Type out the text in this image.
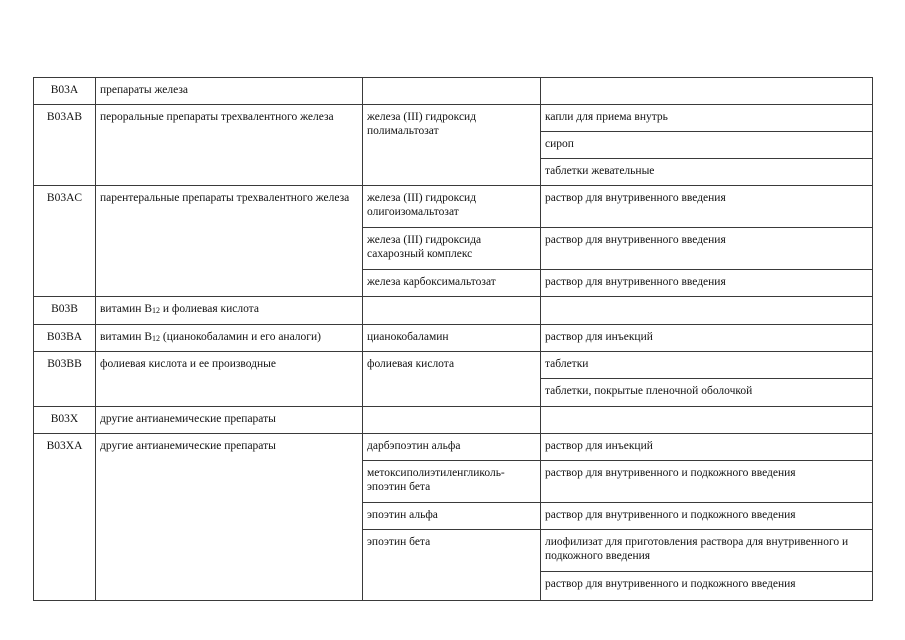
B03A	препараты железа		
B03AB	пероральные препараты трехвалентного железа	железа (III) гидроксид полимальтозат	капли для приема внутрь
			сироп
			таблетки жевательные
B03AC	парентеральные препараты трехвалентного железа	железа (III) гидроксид олигоизомальтозат	раствор для внутривенного введения
		железа (III) гидроксида сахарозный комплекс	раствор для внутривенного введения
		железа карбоксимальтозат	раствор для внутривенного введения
B03B	витамин $B_{12}$ и фолиевая кислота		
B03BA	витамин $B_{12}$ (цианокобаламин и его аналоги)	цианокобаламин	раствор для инъекций
B03BB	фолиевая кислота и ее производные	фолиевая кислота	таблетки
			таблетки, покрытые пленочной оболочкой
B03X	другие антианемические препараты		
B03XA	другие антианемические препараты	дарбэпоэтин альфа	раствор для инъекций
		метоксиполиэтиленгликоль-эпоэтин бета	раствор для внутривенного и подкожного введения
		эпоэтин альфа	раствор для внутривенного и подкожного введения
		эпоэтин бета	лиофилизат для приготовления раствора для внутривенного и подкожного введения
			раствор для внутривенного и подкожного введения
